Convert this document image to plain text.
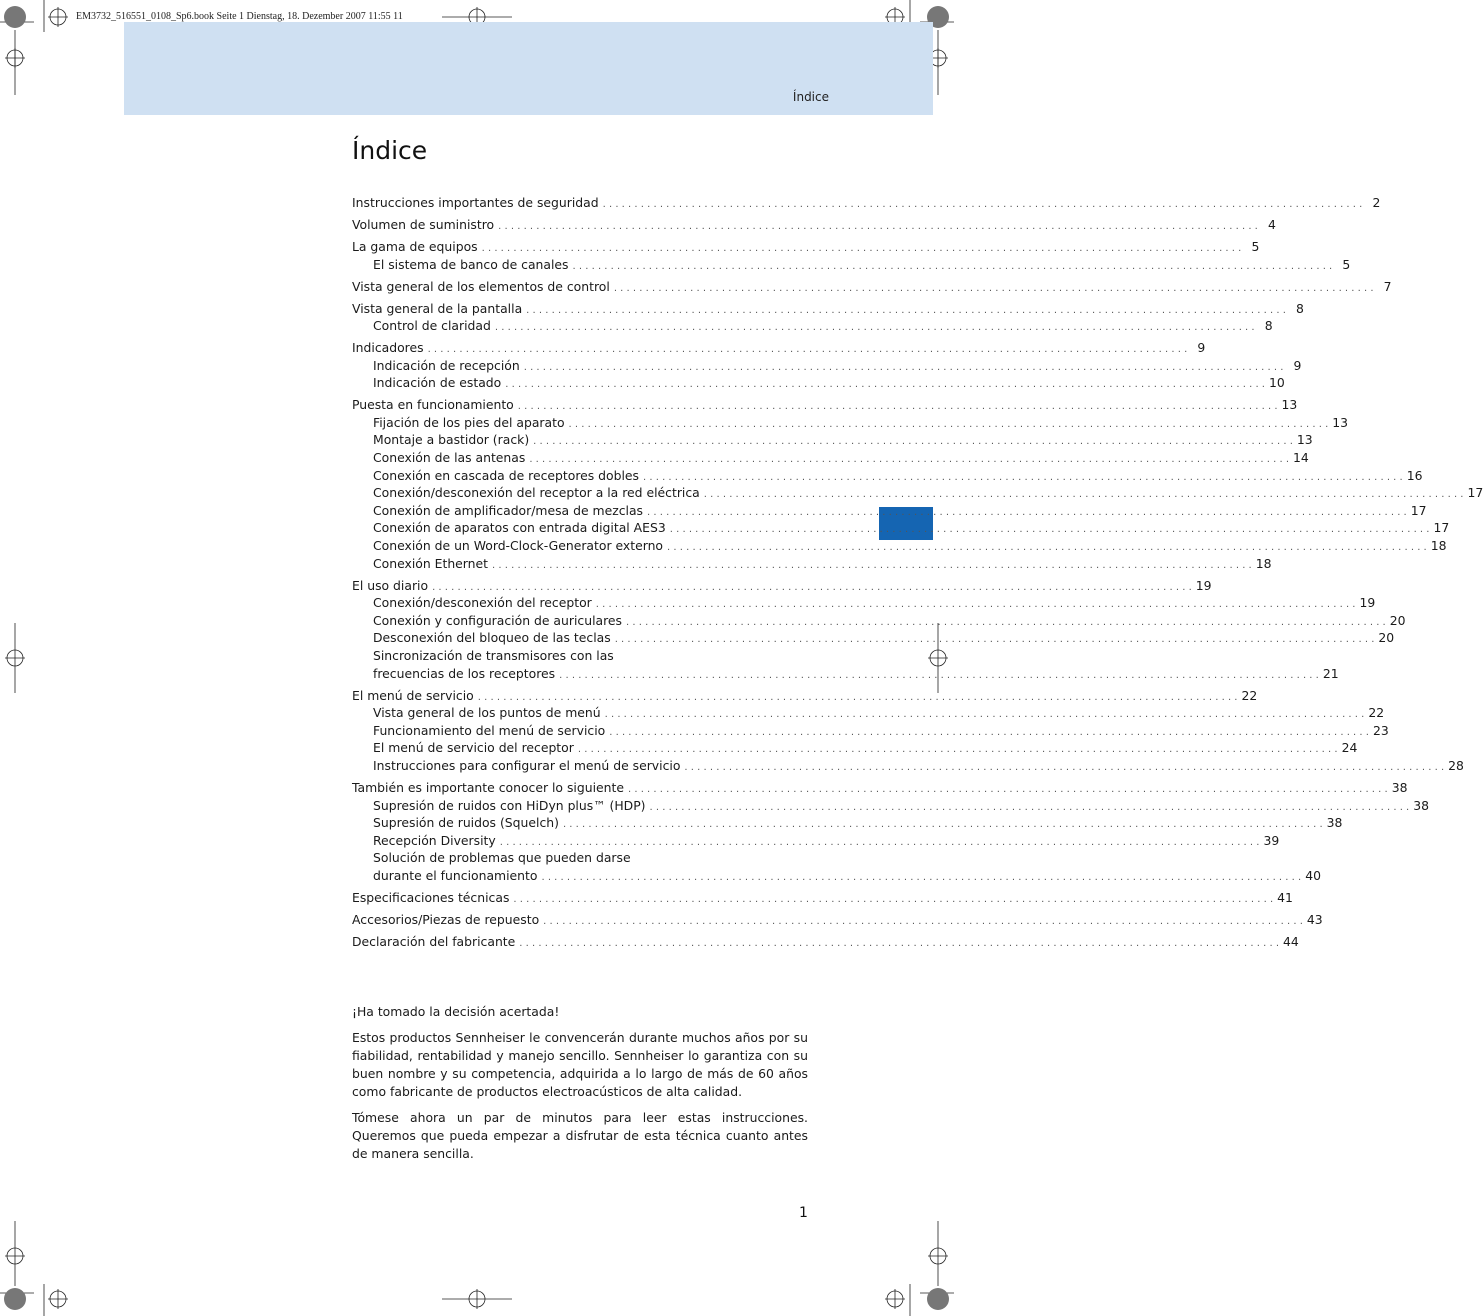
EM3732_516551_0108_Sp6.book Seite 1 Dienstag, 18. Dezember 2007 11:55 11
Índice
Índice
Instrucciones importantes de seguridad . . . . . . . . . . . . . . . . . . . . . . . . . . . . . . . . . . . . . . . . . . . . . . . . . . . . . . . . . . . . . . . . . . . . . . . . . . . . . . . . . . . . . . . . . . . . . . . . . . . . . . . . . . . . . . . . . . . . . . . . 2
Volumen de suministro . . . . . . . . . . . . . . . . . . . . . . . . . . . . . . . . . . . . . . . . . . . . . . . . . . . . . . . . . . . . . . . . . . . . . . . . . . . . . . . . . . . . . . . . . . . . . . . . . . . . . . . . . . . . . . . . . . . . . . . . 4
La gama de equipos . . . . . . . . . . . . . . . . . . . . . . . . . . . . . . . . . . . . . . . . . . . . . . . . . . . . . . . . . . . . . . . . . . . . . . . . . . . . . . . . . . . . . . . . . . . . . . . . . . . . . . . . . . . . . . . . . . . . . . . . 5
El sistema de banco de canales . . . . . . . . . . . . . . . . . . . . . . . . . . . . . . . . . . . . . . . . . . . . . . . . . . . . . . . . . . . . . . . . . . . . . . . . . . . . . . . . . . . . . . . . . . . . . . . . . . . . . . . . . . . . . . . . . . . . . . . . 5
Vista general de los elementos de control . . . . . . . . . . . . . . . . . . . . . . . . . . . . . . . . . . . . . . . . . . . . . . . . . . . . . . . . . . . . . . . . . . . . . . . . . . . . . . . . . . . . . . . . . . . . . . . . . . . . . . . . . . . . . . . . . . . . . . . . 7
Vista general de la pantalla . . . . . . . . . . . . . . . . . . . . . . . . . . . . . . . . . . . . . . . . . . . . . . . . . . . . . . . . . . . . . . . . . . . . . . . . . . . . . . . . . . . . . . . . . . . . . . . . . . . . . . . . . . . . . . . . . . . . . . . . 8
Control de claridad . . . . . . . . . . . . . . . . . . . . . . . . . . . . . . . . . . . . . . . . . . . . . . . . . . . . . . . . . . . . . . . . . . . . . . . . . . . . . . . . . . . . . . . . . . . . . . . . . . . . . . . . . . . . . . . . . . . . . . . . 8
Indicadores . . . . . . . . . . . . . . . . . . . . . . . . . . . . . . . . . . . . . . . . . . . . . . . . . . . . . . . . . . . . . . . . . . . . . . . . . . . . . . . . . . . . . . . . . . . . . . . . . . . . . . . . . . . . . . . . . . . . . . . . 9
Indicación de recepción . . . . . . . . . . . . . . . . . . . . . . . . . . . . . . . . . . . . . . . . . . . . . . . . . . . . . . . . . . . . . . . . . . . . . . . . . . . . . . . . . . . . . . . . . . . . . . . . . . . . . . . . . . . . . . . . . . . . . . . . 9
Indicación de estado . . . . . . . . . . . . . . . . . . . . . . . . . . . . . . . . . . . . . . . . . . . . . . . . . . . . . . . . . . . . . . . . . . . . . . . . . . . . . . . . . . . . . . . . . . . . . . . . . . . . . . . . . . . . . . . . . . . . . . . . 10
Puesta en funcionamiento . . . . . . . . . . . . . . . . . . . . . . . . . . . . . . . . . . . . . . . . . . . . . . . . . . . . . . . . . . . . . . . . . . . . . . . . . . . . . . . . . . . . . . . . . . . . . . . . . . . . . . . . . . . . . . . . . . . . . . . . 13
Fijación de los pies del aparato . . . . . . . . . . . . . . . . . . . . . . . . . . . . . . . . . . . . . . . . . . . . . . . . . . . . . . . . . . . . . . . . . . . . . . . . . . . . . . . . . . . . . . . . . . . . . . . . . . . . . . . . . . . . . . . . . . . . . . . . 13
Montaje a bastidor (rack) . . . . . . . . . . . . . . . . . . . . . . . . . . . . . . . . . . . . . . . . . . . . . . . . . . . . . . . . . . . . . . . . . . . . . . . . . . . . . . . . . . . . . . . . . . . . . . . . . . . . . . . . . . . . . . . . . . . . . . . . 13
Conexión de las antenas . . . . . . . . . . . . . . . . . . . . . . . . . . . . . . . . . . . . . . . . . . . . . . . . . . . . . . . . . . . . . . . . . . . . . . . . . . . . . . . . . . . . . . . . . . . . . . . . . . . . . . . . . . . . . . . . . . . . . . . . 14
Conexión en cascada de receptores dobles . . . . . . . . . . . . . . . . . . . . . . . . . . . . . . . . . . . . . . . . . . . . . . . . . . . . . . . . . . . . . . . . . . . . . . . . . . . . . . . . . . . . . . . . . . . . . . . . . . . . . . . . . . . . . . . . . . . . . . . . 16
Conexión/desconexión del receptor a la red eléctrica . . . . . . . . . . . . . . . . . . . . . . . . . . . . . . . . . . . . . . . . . . . . . . . . . . . . . . . . . . . . . . . . . . . . . . . . . . . . . . . . . . . . . . . . . . . . . . . . . . . . . . . . . . . . . . . . . . . . . . . . 17
Conexión de amplificador/mesa de mezclas . . . . . . . . . . . . . . . . . . . . . . . . . . . . . . . . . . . . . . . . . . . . . . . . . . . . . . . . . . . . . . . . . . . . . . . . . . . . . . . . . . . . . . . . . . . . . . . . . . . . . . . . . . . . . . . . . . . . . . . . 17
Conexión de aparatos con entrada digital AES3 . . . . . . . . . . . . . . . . . . . . . . . . . . . . . . . . . . . . . . . . . . . . . . . . . . . . . . . . . . . . . . . . . . . . . . . . . . . . . . . . . . . . . . . . . . . . . . . . . . . . . . . . . . . . . . . . . . . . . . . . 17
Conexión de un Word-Clock-Generator externo . . . . . . . . . . . . . . . . . . . . . . . . . . . . . . . . . . . . . . . . . . . . . . . . . . . . . . . . . . . . . . . . . . . . . . . . . . . . . . . . . . . . . . . . . . . . . . . . . . . . . . . . . . . . . . . . . . . . . . . . 18
Conexión Ethernet . . . . . . . . . . . . . . . . . . . . . . . . . . . . . . . . . . . . . . . . . . . . . . . . . . . . . . . . . . . . . . . . . . . . . . . . . . . . . . . . . . . . . . . . . . . . . . . . . . . . . . . . . . . . . . . . . . . . . . . . 18
El uso diario . . . . . . . . . . . . . . . . . . . . . . . . . . . . . . . . . . . . . . . . . . . . . . . . . . . . . . . . . . . . . . . . . . . . . . . . . . . . . . . . . . . . . . . . . . . . . . . . . . . . . . . . . . . . . . . . . . . . . . . . 19
Conexión/desconexión del receptor . . . . . . . . . . . . . . . . . . . . . . . . . . . . . . . . . . . . . . . . . . . . . . . . . . . . . . . . . . . . . . . . . . . . . . . . . . . . . . . . . . . . . . . . . . . . . . . . . . . . . . . . . . . . . . . . . . . . . . . . 19
Conexión y configuración de auriculares . . . . . . . . . . . . . . . . . . . . . . . . . . . . . . . . . . . . . . . . . . . . . . . . . . . . . . . . . . . . . . . . . . . . . . . . . . . . . . . . . . . . . . . . . . . . . . . . . . . . . . . . . . . . . . . . . . . . . . . . 20
Desconexión del bloqueo de las teclas . . . . . . . . . . . . . . . . . . . . . . . . . . . . . . . . . . . . . . . . . . . . . . . . . . . . . . . . . . . . . . . . . . . . . . . . . . . . . . . . . . . . . . . . . . . . . . . . . . . . . . . . . . . . . . . . . . . . . . . . 20
Sincronización de transmisores con las
frecuencias de los receptores . . . . . . . . . . . . . . . . . . . . . . . . . . . . . . . . . . . . . . . . . . . . . . . . . . . . . . . . . . . . . . . . . . . . . . . . . . . . . . . . . . . . . . . . . . . . . . . . . . . . . . . . . . . . . . . . . . . . . . . . 21
El menú de servicio . . . . . . . . . . . . . . . . . . . . . . . . . . . . . . . . . . . . . . . . . . . . . . . . . . . . . . . . . . . . . . . . . . . . . . . . . . . . . . . . . . . . . . . . . . . . . . . . . . . . . . . . . . . . . . . . . . . . . . . . 22
Vista general de los puntos de menú . . . . . . . . . . . . . . . . . . . . . . . . . . . . . . . . . . . . . . . . . . . . . . . . . . . . . . . . . . . . . . . . . . . . . . . . . . . . . . . . . . . . . . . . . . . . . . . . . . . . . . . . . . . . . . . . . . . . . . . . 22
Funcionamiento del menú de servicio . . . . . . . . . . . . . . . . . . . . . . . . . . . . . . . . . . . . . . . . . . . . . . . . . . . . . . . . . . . . . . . . . . . . . . . . . . . . . . . . . . . . . . . . . . . . . . . . . . . . . . . . . . . . . . . . . . . . . . . . 23
El menú de servicio del receptor . . . . . . . . . . . . . . . . . . . . . . . . . . . . . . . . . . . . . . . . . . . . . . . . . . . . . . . . . . . . . . . . . . . . . . . . . . . . . . . . . . . . . . . . . . . . . . . . . . . . . . . . . . . . . . . . . . . . . . . . 24
Instrucciones para configurar el menú de servicio . . . . . . . . . . . . . . . . . . . . . . . . . . . . . . . . . . . . . . . . . . . . . . . . . . . . . . . . . . . . . . . . . . . . . . . . . . . . . . . . . . . . . . . . . . . . . . . . . . . . . . . . . . . . . . . . . . . . . . . . 28
También es importante conocer lo siguiente . . . . . . . . . . . . . . . . . . . . . . . . . . . . . . . . . . . . . . . . . . . . . . . . . . . . . . . . . . . . . . . . . . . . . . . . . . . . . . . . . . . . . . . . . . . . . . . . . . . . . . . . . . . . . . . . . . . . . . . . 38
Supresión de ruidos con HiDyn plus™ (HDP) . . . . . . . . . . . . . . . . . . . . . . . . . . . . . . . . . . . . . . . . . . . . . . . . . . . . . . . . . . . . . . . . . . . . . . . . . . . . . . . . . . . . . . . . . . . . . . . . . . . . . . . . . . . . . . . . . . . . . . . . 38
Supresión de ruidos (Squelch) . . . . . . . . . . . . . . . . . . . . . . . . . . . . . . . . . . . . . . . . . . . . . . . . . . . . . . . . . . . . . . . . . . . . . . . . . . . . . . . . . . . . . . . . . . . . . . . . . . . . . . . . . . . . . . . . . . . . . . . . 38
Recepción Diversity . . . . . . . . . . . . . . . . . . . . . . . . . . . . . . . . . . . . . . . . . . . . . . . . . . . . . . . . . . . . . . . . . . . . . . . . . . . . . . . . . . . . . . . . . . . . . . . . . . . . . . . . . . . . . . . . . . . . . . . . 39
Solución de problemas que pueden darse
durante el funcionamiento . . . . . . . . . . . . . . . . . . . . . . . . . . . . . . . . . . . . . . . . . . . . . . . . . . . . . . . . . . . . . . . . . . . . . . . . . . . . . . . . . . . . . . . . . . . . . . . . . . . . . . . . . . . . . . . . . . . . . . . . 40
Especificaciones técnicas . . . . . . . . . . . . . . . . . . . . . . . . . . . . . . . . . . . . . . . . . . . . . . . . . . . . . . . . . . . . . . . . . . . . . . . . . . . . . . . . . . . . . . . . . . . . . . . . . . . . . . . . . . . . . . . . . . . . . . . . 41
Accesorios/Piezas de repuesto . . . . . . . . . . . . . . . . . . . . . . . . . . . . . . . . . . . . . . . . . . . . . . . . . . . . . . . . . . . . . . . . . . . . . . . . . . . . . . . . . . . . . . . . . . . . . . . . . . . . . . . . . . . . . . . . . . . . . . . . 43
Declaración del fabricante . . . . . . . . . . . . . . . . . . . . . . . . . . . . . . . . . . . . . . . . . . . . . . . . . . . . . . . . . . . . . . . . . . . . . . . . . . . . . . . . . . . . . . . . . . . . . . . . . . . . . . . . . . . . . . . . . . . . . . . . 44

¡Ha tomado la decisión acertada!

Estos productos Sennheiser le convencerán durante muchos años por su fiabilidad, rentabilidad y manejo sencillo. Sennheiser lo garantiza con su buen nombre y su competencia, adquirida a lo largo de más de 60 años como fabricante de productos electroacústicos de alta calidad.

Tómese ahora un par de minutos para leer estas instrucciones. Queremos que pueda empezar a disfrutar de esta técnica cuanto antes de manera sencilla.

1
